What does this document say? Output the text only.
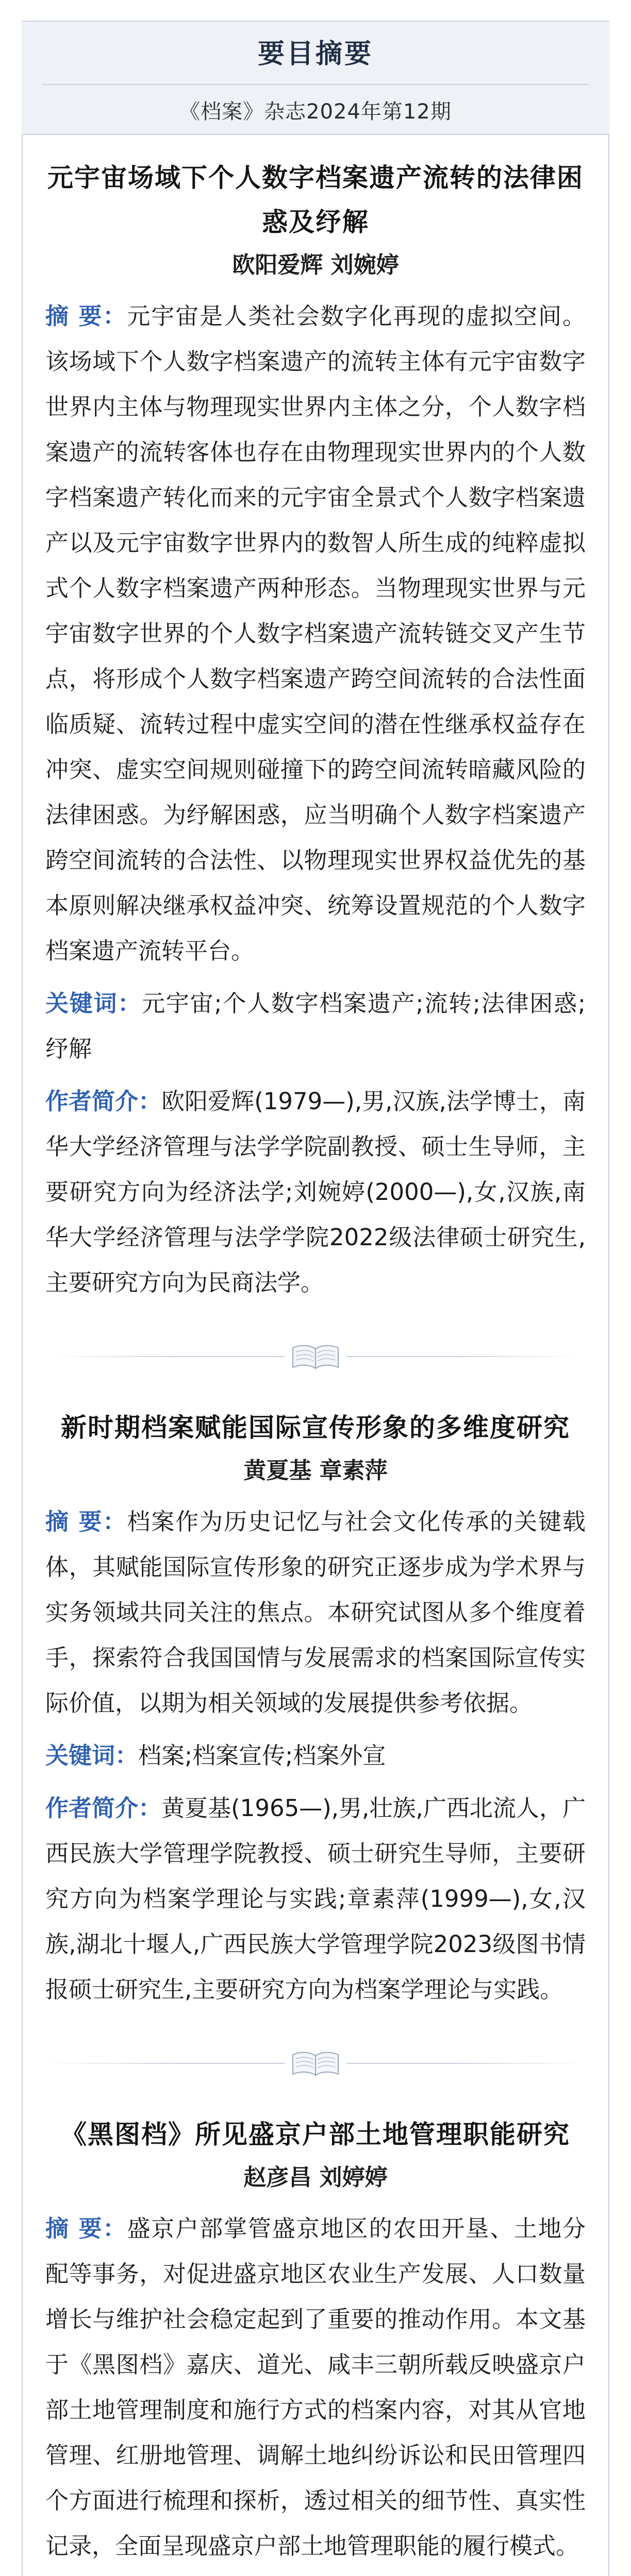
要目摘要
《档案》杂志2024年第12期
元宇宙场域下个人数字档案遗产流转的法律困惑及纾解
欧阳爱辉 刘婉婷

摘 要：元宇宙是人类社会数字化再现的虚拟空间。该场域下个人数字档案遗产的流转主体有元宇宙数字世界内主体与物理现实世界内主体之分，个人数字档案遗产的流转客体也存在由物理现实世界内的个人数字档案遗产转化而来的元宇宙全景式个人数字档案遗产以及元宇宙数字世界内的数智人所生成的纯粹虚拟式个人数字档案遗产两种形态。当物理现实世界与元宇宙数字世界的个人数字档案遗产流转链交叉产生节点，将形成个人数字档案遗产跨空间流转的合法性面临质疑、流转过程中虚实空间的潜在性继承权益存在冲突、虚实空间规则碰撞下的跨空间流转暗藏风险的法律困惑。为纾解困惑，应当明确个人数字档案遗产跨空间流转的合法性、以物理现实世界权益优先的基本原则解决继承权益冲突、统筹设置规范的个人数字档案遗产流转平台。

关键词：元宇宙;个人数字档案遗产;流转;法律困惑;纾解

作者简介：欧阳爱辉(1979—),男,汉族,法学博士，南华大学经济管理与法学学院副教授、硕士生导师，主要研究方向为经济法学;刘婉婷(2000—),女,汉族,南华大学经济管理与法学学院2022级法律硕士研究生,主要研究方向为民商法学。

新时期档案赋能国际宣传形象的多维度研究
黄夏基 章素萍

摘 要：档案作为历史记忆与社会文化传承的关键载体，其赋能国际宣传形象的研究正逐步成为学术界与实务领域共同关注的焦点。本研究试图从多个维度着手，探索符合我国国情与发展需求的档案国际宣传实际价值，以期为相关领域的发展提供参考依据。

关键词：档案;档案宣传;档案外宣

作者简介：黄夏基(1965—),男,壮族,广西北流人，广西民族大学管理学院教授、硕士研究生导师，主要研究方向为档案学理论与实践;章素萍(1999—),女,汉族,湖北十堰人,广西民族大学管理学院2023级图书情报硕士研究生,主要研究方向为档案学理论与实践。

《黑图档》所见盛京户部土地管理职能研究
赵彦昌 刘婷婷

摘 要：盛京户部掌管盛京地区的农田开垦、土地分配等事务，对促进盛京地区农业生产发展、人口数量增长与维护社会稳定起到了重要的推动作用。本文基于《黑图档》嘉庆、道光、咸丰三朝所载反映盛京户部土地管理制度和施行方式的档案内容，对其从官地管理、红册地管理、调解土地纠纷诉讼和民田管理四个方面进行梳理和探析，透过相关的细节性、真实性记录，全面呈现盛京户部土地管理职能的履行模式。
